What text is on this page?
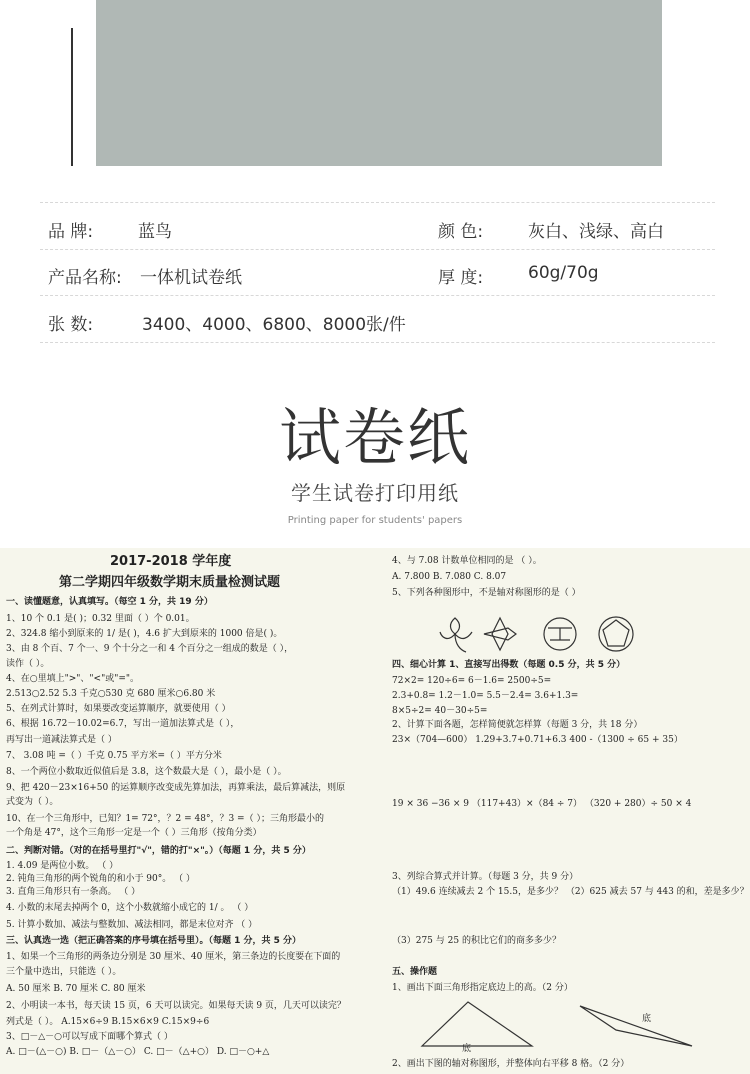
品 牌:	蓝鸟	颜 色:	灰白、浅绿、高白
产品名称: 一体机试卷纸	厚 度:	60g/70g
张 数:	3400、4000、6800、8000张/件
试卷纸
学生试卷打印用纸
Printing paper for students' papers
2017-2018 学年度
第二学期四年级数学期末质量检测试题
一、读懂题意，认真填写。（每空 1 分，共 19 分）
1、10 个 0.1 是( )；0.32 里面（ ）个 0.01。
2、324.8 缩小到原来的 1/ 是( )，4.6 扩大到原来的 1000 倍是( )。
3、由 8 个百、7 个一、9 个十分之一和 4 个百分之一组成的数是（ ），
读作（ ）。
4、在○里填上">"、"<"或"="。
2.513○2.52 5.3 千克○530 克 680 厘米○6.80 米
5、在列式计算时，如果要改变运算顺序，就要使用（ ）
6、根据 16.72－10.02=6.7，写出一道加法算式是（ ），
再写出一道减法算式是（ ）
7、 3.08 吨 =（ ）千克 0.75 平方米=（ ）平方分米
8、一个两位小数取近似值后是 3.8，这个数最大是（ ），最小是（ ）。
9、把 420－23×16+50 的运算顺序改变成先算加法，再算乘法，最后算减法，则原
式变为（ ）。
10、在一个三角形中，已知？1= 72°，？2 = 48°，？3 =（ ）；三角形最小的
一个角是 47°，这个三角形一定是一个（ ）三角形（按角分类）
二、判断对错。（对的在括号里打"√"，错的打"×"。）（每题 1 分，共 5 分）
1. 4.09 是两位小数。 （ ）
2. 钝角三角形的两个锐角的和小于 90°。 （ ）
3. 直角三角形只有一条高。 （ ）
4. 小数的末尾去掉两个 0，这个小数就缩小成它的 1/ 。 （ ）
5. 计算小数加、减法与整数加、减法相同，都是末位对齐 （ ）
三、认真选一选（把正确答案的序号填在括号里）。（每题 1 分，共 5 分）
1、如果一个三角形的两条边分别是 30 厘米、40 厘米，第三条边的长度要在下面的
三个量中选出，只能选（ ）。
A. 50 厘米 B. 70 厘米 C. 80 厘米
2、小明读一本书，每天读 15 页，6 天可以读完。如果每天读 9 页，几天可以读完？
列式是（ ）。 A.15×6÷9 B.15×6×9 C.15×9÷6
3、□－△－○可以写成下面哪个算式（ ）
A. □－(△－○) B. □－（△－○） C. □－（△+○） D. □－○+△
4、与 7.08 计数单位相同的是 （ ）。
A. 7.800 B. 7.080 C. 8.07
5、下列各种图形中，不是轴对称图形的是（ ）
四、细心计算 1、直接写出得数（每题 0.5 分，共 5 分）
72×2= 120÷6= 6－1.6= 2500÷5=
2.3+0.8= 1.2－1.0= 5.5－2.4= 3.6+1.3=
8×5÷2= 40－30÷5=
2、计算下面各题，怎样简便就怎样算（每题 3 分，共 18 分）
23×（704—600） 1.29+3.7+0.71+6.3 400 -（1300 ÷ 65 + 35）
19 × 36 −36 × 9 （117+43）×（84 ÷ 7） （320 + 280）÷ 50 × 4
3、列综合算式并计算。（每题 3 分，共 9 分）
（1）49.6 连续减去 2 个 15.5，是多少？ （2）625 减去 57 与 443 的和，差是多少？
（3）275 与 25 的积比它们的商多多少？
五、操作题
1、画出下面三角形指定底边上的高。（2 分）
底
底
2、画出下图的轴对称图形，并整体向右平移 8 格。（2 分）
